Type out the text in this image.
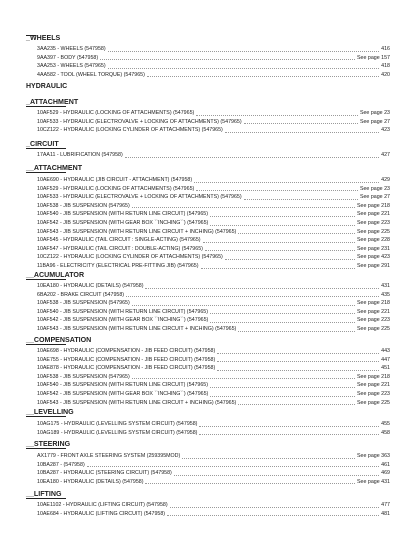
_WHEELS
3AA235 - WHEELS (547958)	416
9AA397 - BODY (547958)	See page 157
3AA253 - WHEELS (547965)	418
4AA582 - TOOL (WHEEL TORQUE) (547965)	420
HYDRAULIC
_ATTACHMENT
10AF529 - HYDRAULIC (LOCKING OF ATTACHMENTS) (547965)	See page 23
10AF533 - HYDRAULIC (ELECTROVALVE + LOCKING OF ATTACHMENTS) (547965)	See page 27
10CZ122 - HYDRAULIC (LOCKING CYLINDER OF ATTACHMENTS) (547965)	423
_CIRCUIT
17AA11 - LUBRIFICATION (547958)	427
__ATTACHMENT
10AE690 - HYDRAULIC (JIB CIRCUIT - ATTACHMENT) (547958)	429
10AF529 - HYDRAULIC (LOCKING OF ATTACHMENTS) (547965)	See page 23
10AF533 - HYDRAULIC (ELECTROVALVE + LOCKING OF ATTACHMENTS) (547965)	See page 27
10AF538 - JIB SUSPENSION (547965)	See page 218
10AF540 - JIB SUSPENSION (WITH RETURN LINE CIRCUIT) (547965)	See page 221
10AF542 - JIB SUSPENSION (WITH GEAR BOX ``INCHING``) (547965)	See page 223
10AF543 - JIB SUSPENSION (WITH RETURN LINE CIRCUIT + INCHING) (547965)	See page 225
10AF545 - HYDRAULIC (TAIL CIRCUIT : SINGLE-ACTING) (547965)	See page 228
10AF547 - HYDRAULIC (TAIL CIRCUIT : DOUBLE-ACTING) (547965)	See page 231
10CZ122 - HYDRAULIC (LOCKING CYLINDER OF ATTACHMENTS) (547965)	See page 423
11BA96 - ELECTRICITY (ELECTRICAL PRE-FITTING JIB) (547965)	See page 291
__ACUMULATOR
10EA180 - HYDRAULIC (DETAILS) (547958)	431
6BA202 - BRAKE CIRCUIT (547958)	435
10AF538 - JIB SUSPENSION (547965)	See page 218
10AF540 - JIB SUSPENSION (WITH RETURN LINE CIRCUIT) (547965)	See page 221
10AF542 - JIB SUSPENSION (WITH GEAR BOX ``INCHING``) (547965)	See page 223
10AF543 - JIB SUSPENSION (WITH RETURN LINE CIRCUIT + INCHING) (547965)	See page 225
__COMPENSATION
10AE698 - HYDRAULIC (COMPENSATION - JIB FEED CIRCUIT) (547958)	443
10AE755 - HYDRAULIC (COMPENSATION - JIB FEED CIRCUIT) (547958)	447
10AE878 - HYDRAULIC (COMPENSATION - JIB FEED CIRCUIT) (547958)	451
10AF538 - JIB SUSPENSION (547965)	See page 218
10AF540 - JIB SUSPENSION (WITH RETURN LINE CIRCUIT) (547965)	See page 221
10AF542 - JIB SUSPENSION (WITH GEAR BOX ``INCHING``) (547965)	See page 223
10AF543 - JIB SUSPENSION (WITH RETURN LINE CIRCUIT + INCHING) (547965)	See page 225
__LEVELLING
10AG175 - HYDRAULIC (LEVELLING SYSTEM CIRCUIT) (547958)	455
10AG189 - HYDRAULIC (LEVELLING SYSTEM CIRCUIT) (547958)	458
__STEERING
AX1779 - FRONT AXLE STEERING SYSTEM (259395MOD)	See page 363
10BA287 - (547958)	461
10BA287 - HYDRAULIC (STEERING CIRCUIT) (547958)	469
10EA180 - HYDRAULIC (DETAILS) (547958)	See page 431
__LIFTING
10AE1102 - HYDRAULIC (LIFTING CIRCUIT) (547958)	477
10AE684 - HYDRAULIC (LIFTING CIRCUIT) (547958)	481
